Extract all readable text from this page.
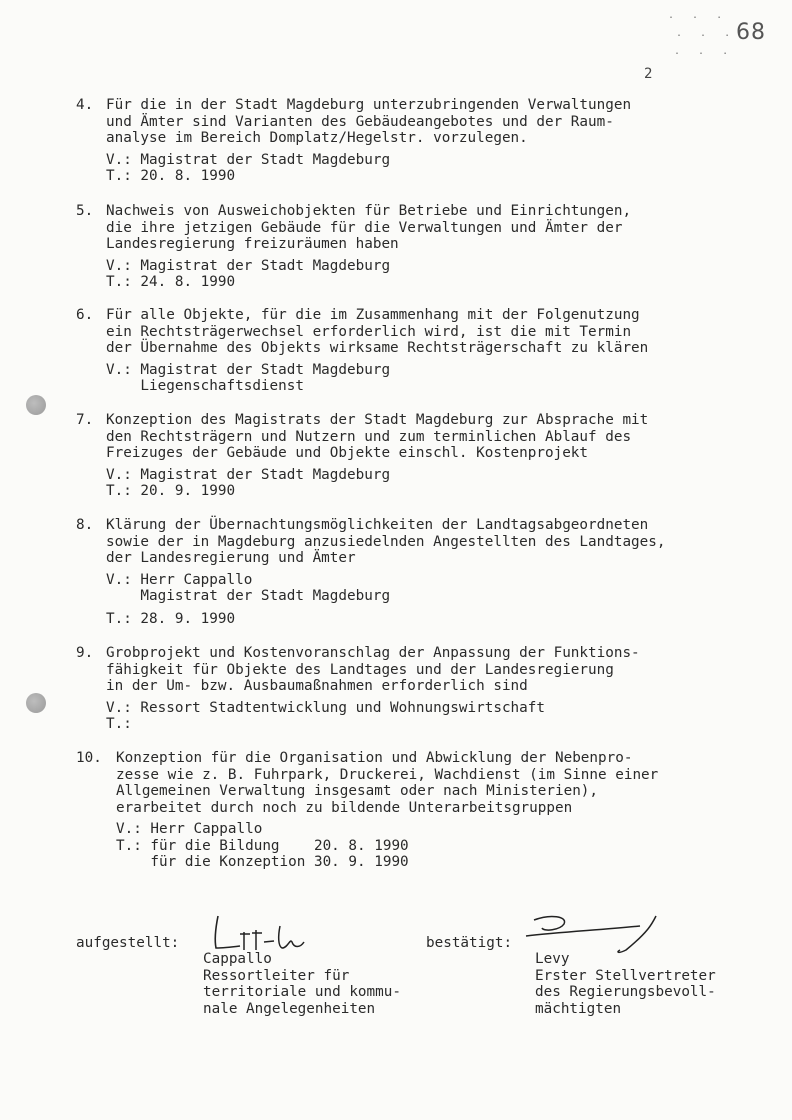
. . .
. . .
. . .
68
2
4. Für die in der Stadt Magdeburg unterzubringenden Verwaltungen
und Ämter sind Varianten des Gebäudeangebotes und der Raum-
analyse im Bereich Domplatz/Hegelstr. vorzulegen.
V.: Magistrat der Stadt Magdeburg
T.: 20. 8. 1990
5. Nachweis von Ausweichobjekten für Betriebe und Einrichtungen,
die ihre jetzigen Gebäude für die Verwaltungen und Ämter der
Landesregierung freizuräumen haben
V.: Magistrat der Stadt Magdeburg
T.: 24. 8. 1990
6. Für alle Objekte, für die im Zusammenhang mit der Folgenutzung
ein Rechtsträgerwechsel erforderlich wird, ist die mit Termin
der Übernahme des Objekts wirksame Rechtsträgerschaft zu klären
V.: Magistrat der Stadt Magdeburg
Liegenschaftsdienst
7. Konzeption des Magistrats der Stadt Magdeburg zur Absprache mit
den Rechtsträgern und Nutzern und zum terminlichen Ablauf des
Freizuges der Gebäude und Objekte einschl. Kostenprojekt
V.: Magistrat der Stadt Magdeburg
T.: 20. 9. 1990
8. Klärung der Übernachtungsmöglichkeiten der Landtagsabgeordneten
sowie der in Magdeburg anzusiedelnden Angestellten des Landtages,
der Landesregierung und Ämter
V.: Herr Cappallo
Magistrat der Stadt Magdeburg
T.: 28. 9. 1990
9. Grobprojekt und Kostenvoranschlag der Anpassung der Funktions-
fähigkeit für Objekte des Landtages und der Landesregierung
in der Um- bzw. Ausbaumaßnahmen erforderlich sind
V.: Ressort Stadtentwicklung und Wohnungswirtschaft
T.:
10. Konzeption für die Organisation und Abwicklung der Nebenpro-
zesse wie z. B. Fuhrpark, Druckerei, Wachdienst (im Sinne einer
Allgemeinen Verwaltung insgesamt oder nach Ministerien),
erarbeitet durch noch zu bildende Unterarbeitsgruppen
V.: Herr Cappallo
T.: für die Bildung    20. 8. 1990
für die Konzeption 30. 9. 1990
aufgestellt:
Cappallo
Ressortleiter für
territoriale und kommu-
nale Angelegenheiten
bestätigt:
Levy
Erster Stellvertreter
des Regierungsbevoll-
mächtigten
